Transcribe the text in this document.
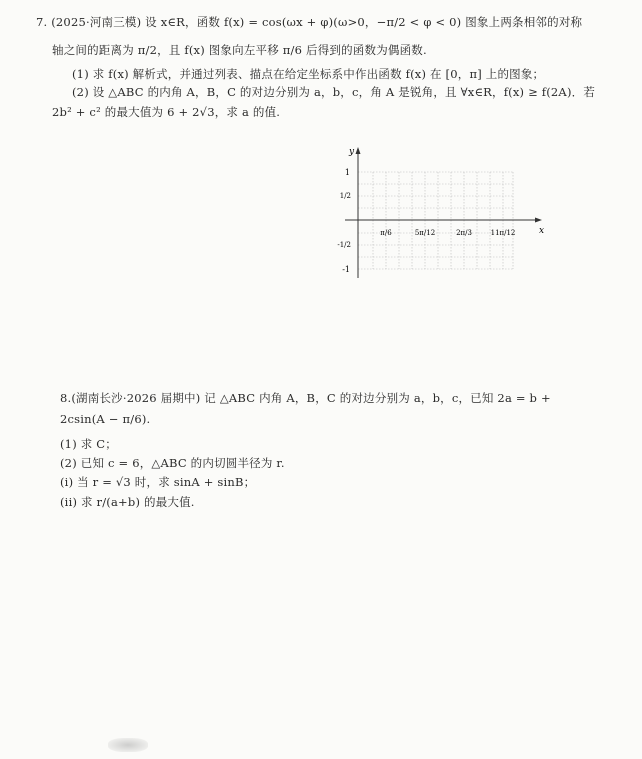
7. (2025·河南三模) 设 x∈R，函数 f(x) = cos(ωx + φ)(ω>0，−π/2 < φ < 0) 图象上两条相邻的对称
轴之间的距离为 π/2，且 f(x) 图象向左平移 π/6 后得到的函数为偶函数.
(1) 求 f(x) 解析式，并通过列表、描点在给定坐标系中作出函数 f(x) 在 [0，π] 上的图象；
(2) 设 △ABC 的内角 A，B，C 的对边分别为 a，b，c，角 A 是锐角，且 ∀x∈R，f(x) ≥ f(2A)．若
2b² + c² 的最大值为 6 + 2√3，求 a 的值.
y
x
1
1/2
-1/2
-1
π/6	5π/12	2π/3	11π/12
8.(湖南长沙·2026 届期中) 记 △ABC 内角 A，B，C 的对边分别为 a，b，c，已知 2a = b +
2csin(A − π/6).
(1) 求 C；
(2) 已知 c = 6，△ABC 的内切圆半径为 r.
(i) 当 r = √3 时，求 sinA + sinB；
(ii) 求 r/(a+b) 的最大值.
